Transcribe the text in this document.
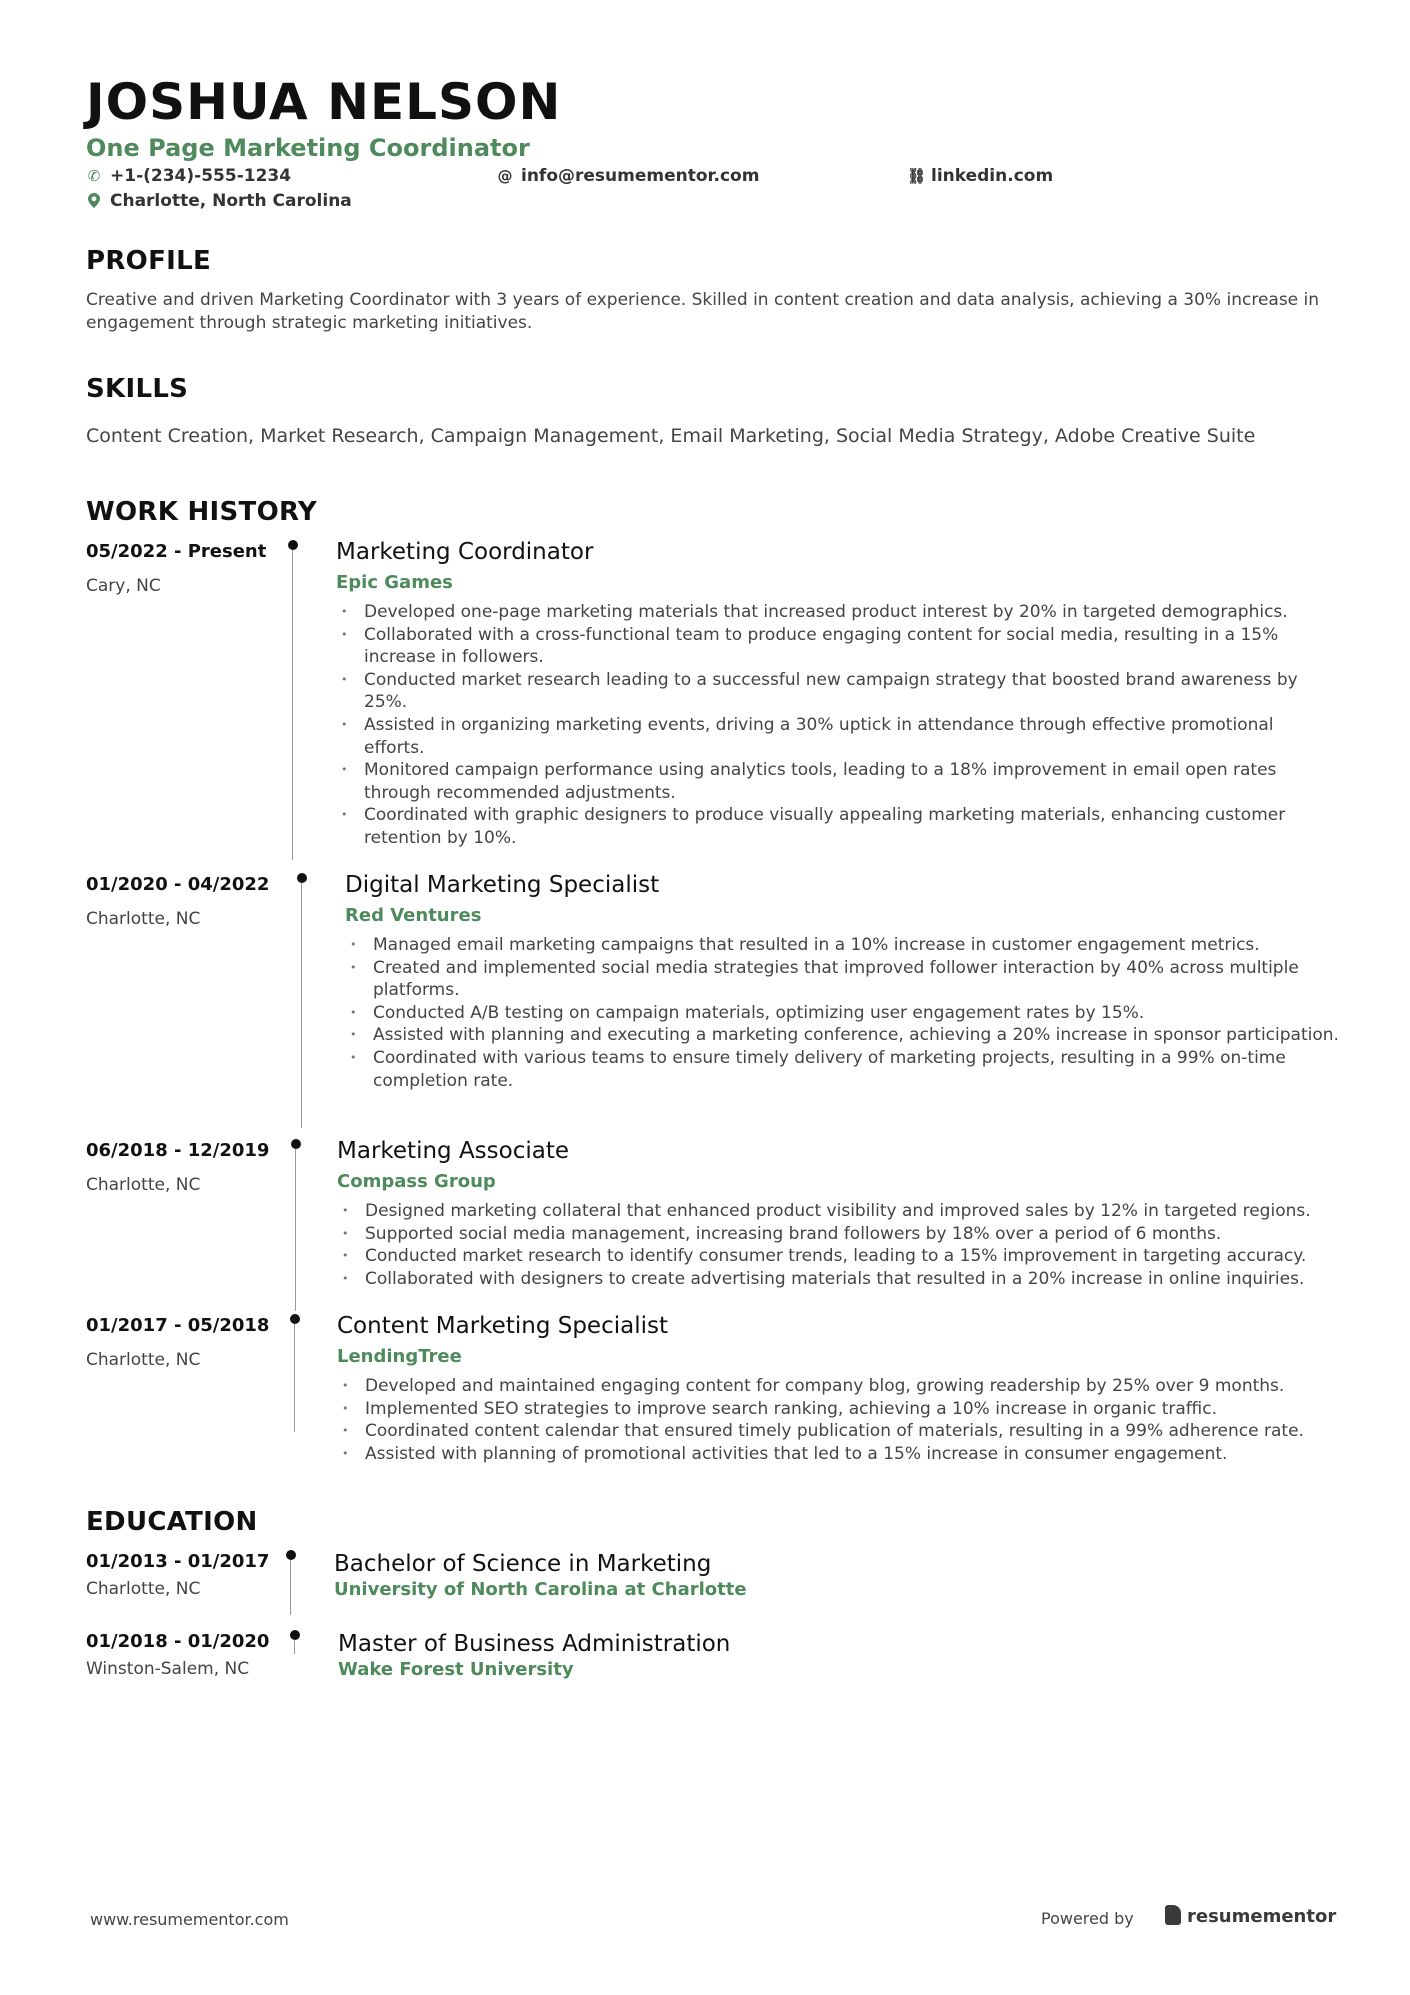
JOSHUA NELSON
One Page Marketing Coordinator
✆ +1-(234)-555-1234	@ info@resumementor.com	⛓ linkedin.com
Charlotte, North Carolina
PROFILE
Creative and driven Marketing Coordinator with 3 years of experience. Skilled in content creation and data analysis, achieving a 30% increase in engagement through strategic marketing initiatives.
SKILLS
Content Creation, Market Research, Campaign Management, Email Marketing, Social Media Strategy, Adobe Creative Suite
WORK HISTORY
05/2022 - Present
Cary, NC
Marketing Coordinator
Epic Games
• Developed one-page marketing materials that increased product interest by 20% in targeted demographics.
• Collaborated with a cross-functional team to produce engaging content for social media, resulting in a 15% increase in followers.
• Conducted market research leading to a successful new campaign strategy that boosted brand awareness by 25%.
• Assisted in organizing marketing events, driving a 30% uptick in attendance through effective promotional efforts.
• Monitored campaign performance using analytics tools, leading to a 18% improvement in email open rates through recommended adjustments.
• Coordinated with graphic designers to produce visually appealing marketing materials, enhancing customer retention by 10%.
01/2020 - 04/2022
Charlotte, NC
Digital Marketing Specialist
Red Ventures
• Managed email marketing campaigns that resulted in a 10% increase in customer engagement metrics.
• Created and implemented social media strategies that improved follower interaction by 40% across multiple platforms.
• Conducted A/B testing on campaign materials, optimizing user engagement rates by 15%.
• Assisted with planning and executing a marketing conference, achieving a 20% increase in sponsor participation.
• Coordinated with various teams to ensure timely delivery of marketing projects, resulting in a 99% on-time completion rate.
06/2018 - 12/2019
Charlotte, NC
Marketing Associate
Compass Group
• Designed marketing collateral that enhanced product visibility and improved sales by 12% in targeted regions.
• Supported social media management, increasing brand followers by 18% over a period of 6 months.
• Conducted market research to identify consumer trends, leading to a 15% improvement in targeting accuracy.
• Collaborated with designers to create advertising materials that resulted in a 20% increase in online inquiries.
01/2017 - 05/2018
Charlotte, NC
Content Marketing Specialist
LendingTree
• Developed and maintained engaging content for company blog, growing readership by 25% over 9 months.
• Implemented SEO strategies to improve search ranking, achieving a 10% increase in organic traffic.
• Coordinated content calendar that ensured timely publication of materials, resulting in a 99% adherence rate.
• Assisted with planning of promotional activities that led to a 15% increase in consumer engagement.
EDUCATION
01/2013 - 01/2017
Charlotte, NC
Bachelor of Science in Marketing
University of North Carolina at Charlotte
01/2018 - 01/2020
Winston-Salem, NC
Master of Business Administration
Wake Forest University
www.resumementor.com	Powered by	resumementor
